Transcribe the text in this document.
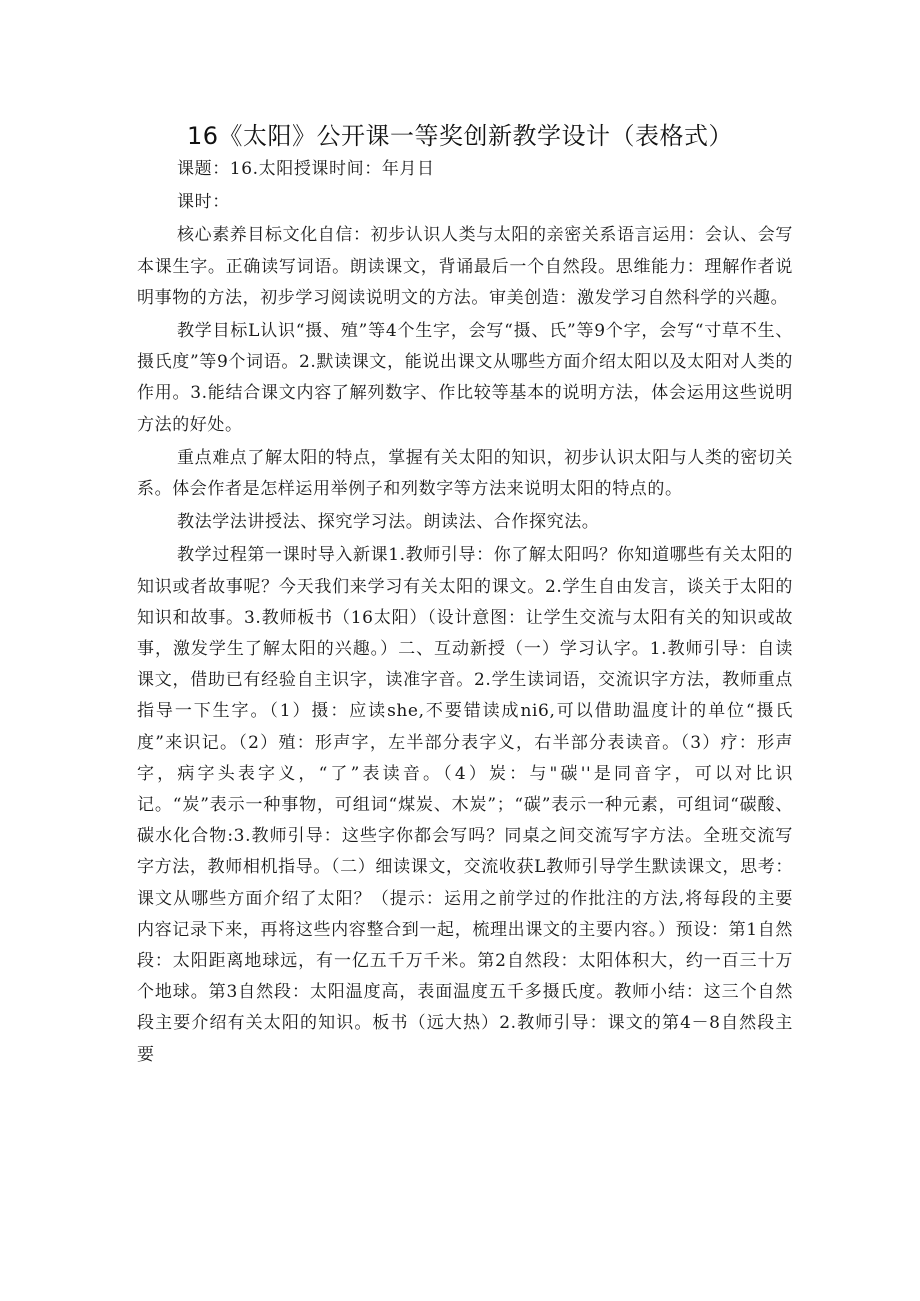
16《太阳》公开课一等奖创新教学设计（表格式）

课题：16.太阳授课时间：年月日

课时：

核心素养目标文化自信：初步认识人类与太阳的亲密关系语言运用：会认、会写本课生字。正确读写词语。朗读课文，背诵最后一个自然段。思维能力：理解作者说明事物的方法，初步学习阅读说明文的方法。审美创造：激发学习自然科学的兴趣。

教学目标L认识“摄、殖”等4个生字，会写“摄、氏”等9个字，会写“寸草不生、摄氏度”等9个词语。2.默读课文，能说出课文从哪些方面介绍太阳以及太阳对人类的作用。3.能结合课文内容了解列数字、作比较等基本的说明方法，体会运用这些说明方法的好处。

重点难点了解太阳的特点，掌握有关太阳的知识，初步认识太阳与人类的密切关系。体会作者是怎样运用举例子和列数字等方法来说明太阳的特点的。

教法学法讲授法、探究学习法。朗读法、合作探究法。

教学过程第一课时导入新课1.教师引导：你了解太阳吗？你知道哪些有关太阳的知识或者故事呢？今天我们来学习有关太阳的课文。2.学生自由发言，谈关于太阳的知识和故事。3.教师板书（16太阳）（设计意图：让学生交流与太阳有关的知识或故事，激发学生了解太阳的兴趣。）二、互动新授（一）学习认字。1.教师引导：自读课文，借助已有经验自主识字，读准字音。2.学生读词语，交流识字方法，教师重点指导一下生字。（1）摄：应读she,不要错读成ni6,可以借助温度计的单位“摄氏度”来识记。（2）殖：形声字，左半部分表字义，右半部分表读音。（3）疗：形声字，病字头表字义，“了”表读音。（4）炭：与"碳''是同音字，可以对比识记。“炭”表示一种事物，可组词“煤炭、木炭”；“碳”表示一种元素，可组词“碳酸、碳水化合物:3.教师引导：这些字你都会写吗？同桌之间交流写字方法。全班交流写字方法，教师相机指导。（二）细读课文，交流收获L教师引导学生默读课文，思考：课文从哪些方面介绍了太阳？（提示：运用之前学过的作批注的方法,将每段的主要内容记录下来，再将这些内容整合到一起，梳理出课文的主要内容。）预设：第1自然段：太阳距离地球远，有一亿五千万千米。第2自然段：太阳体积大，约一百三十万个地球。第3自然段：太阳温度高，表面温度五千多摄氏度。教师小结：这三个自然段主要介绍有关太阳的知识。板书（远大热）2.教师引导：课文的第4－8自然段主要
